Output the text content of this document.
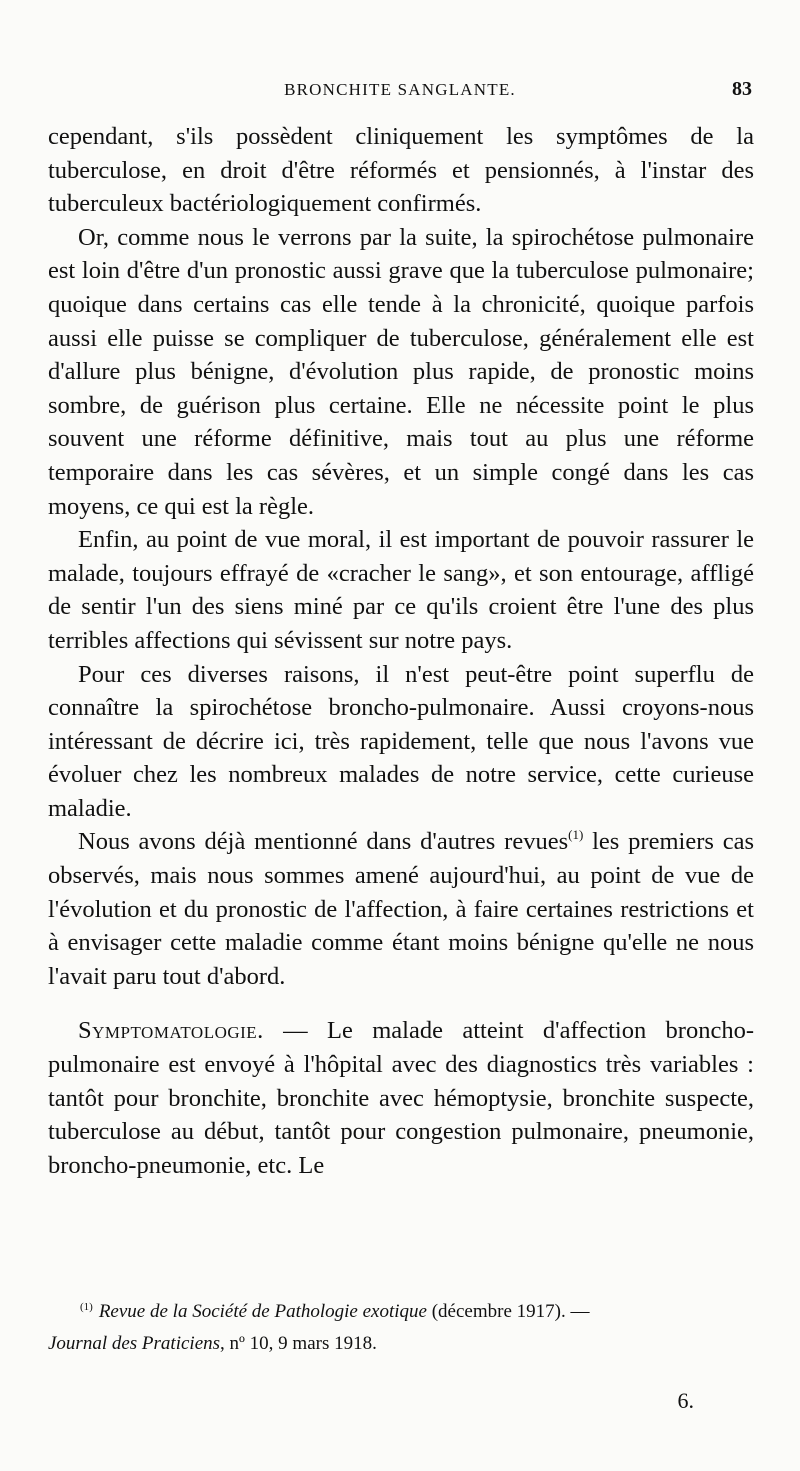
BRONCHITE SANGLANTE.	83

cependant, s'ils possèdent cliniquement les symptômes de la tuberculose, en droit d'être réformés et pensionnés, à l'instar des tuberculeux bactériologiquement confirmés.

Or, comme nous le verrons par la suite, la spirochétose pulmonaire est loin d'être d'un pronostic aussi grave que la tuberculose pulmonaire; quoique dans certains cas elle tende à la chronicité, quoique parfois aussi elle puisse se compliquer de tuberculose, généralement elle est d'allure plus bénigne, d'évolution plus rapide, de pronostic moins sombre, de guérison plus certaine. Elle ne nécessite point le plus souvent une réforme définitive, mais tout au plus une réforme temporaire dans les cas sévères, et un simple congé dans les cas moyens, ce qui est la règle.

Enfin, au point de vue moral, il est important de pouvoir rassurer le malade, toujours effrayé de «cracher le sang», et son entourage, affligé de sentir l'un des siens miné par ce qu'ils croient être l'une des plus terribles affections qui sévissent sur notre pays.

Pour ces diverses raisons, il n'est peut-être point superflu de connaître la spirochétose broncho-pulmonaire. Aussi croyons-nous intéressant de décrire ici, très rapidement, telle que nous l'avons vue évoluer chez les nombreux malades de notre service, cette curieuse maladie.

Nous avons déjà mentionné dans d'autres revues$^{(1)}$ les premiers cas observés, mais nous sommes amené aujourd'hui, au point de vue de l'évolution et du pronostic de l'affection, à faire certaines restrictions et à envisager cette maladie comme étant moins bénigne qu'elle ne nous l'avait paru tout d'abord.

Symptomatologie. — Le malade atteint d'affection broncho-pulmonaire est envoyé à l'hôpital avec des diagnostics très variables : tantôt pour bronchite, bronchite avec hémoptysie, bronchite suspecte, tuberculose au début, tantôt pour congestion pulmonaire, pneumonie, broncho-pneumonie, etc. Le

$^{(1)}$ Revue de la Société de Pathologie exotique (décembre 1917). —
Journal des Praticiens, nº 10, 9 mars 1918.
6.
